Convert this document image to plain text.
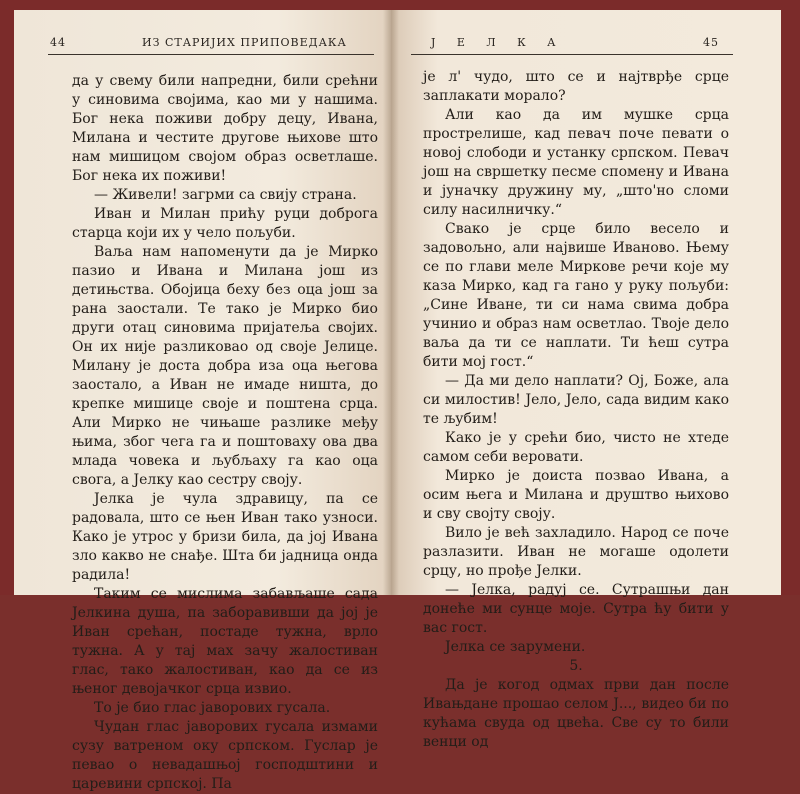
44	ИЗ СТАРИЈИХ ПРИПОВЕДАКА

да у свему били напредни, били срећни у синовима својима, као ми у нашима. Бог нека поживи добру децу, Ивана, Милана и честите другове њихове што нам мишицом својом образ осветлаше. Бог нека их поживи!

— Живели! загрми са свију страна.

Иван и Милан прићу руци доброга старца који их у чело пољуби.

Ваља нам напоменути да је Мирко пазио и Ивана и Милана још из детињства. Обојица беху без оца још за рана заостали. Те тако је Мирко био други отац синовима пријатеља својих. Он их није разликовао од своје Јелице. Милану је доста добра иза оца његова заостало, а Иван не имаде ништа, до крепке мишице своје и поштена срца. Али Мирко не чињаше разлике међу њима, због чега га и поштоваху ова два млада човека и љубљаху га као оца свога, а Јелку као сестру своју.

Јелка је чула здравицу, па се радовала, што се њен Иван тако узноси. Како је утрос у бризи била, да јој Ивана зло какво не снађе. Шта би јадница онда радила!

Таким се мислима забављаше сада Јелкина душа, па заборавивши да јој је Иван срећан, постаде тужна, врло тужна. А у тај мах зачу жалостиван глас, тако жалостиван, као да се из њеног девојачког срца извио.

То је био глас јаворових гусала.

Чудан глас јаворових гусала измами сузу ватреном оку српском. Гуслар је певао о невадашњој господштини и царевини српској. Па

Ј Е Л К А	45

је л' чудо, што се и најтврђе срце заплакати морало?

Али као да им мушке срца прострелише, кад певач поче певати о новој слободи и устанку српском. Певач још на свршетку песме спомену и Ивана и јуначку дружину му, „што'но сломи силу насилничку.“

Свако је срце било весело и задовољно, али највише Иваново. Њему се по глави меле Миркове речи које му каза Мирко, кад га гано у руку пољуби: „Сине Иване, ти си нама свима добра учинио и образ нам осветлао. Твоје дело ваља да ти се наплати. Ти ћеш сутра бити мој гост.“

— Да ми дело наплати? Ој, Боже, ала си милостив! Јело, Јело, сада видим како те љубим!

Како је у срећи био, чисто не хтеде самом себи веровати.

Мирко је доиста позвао Ивана, а осим њега и Милана и друштво њихово и сву својту своју.

Вило је већ захладило. Народ се поче разлазити. Иван не могаше одолети срцу, но прође Јелки.

— Јелка, радуј се. Сутрашњи дан донеће ми сунце моје. Сутра ћу бити у вас гост.

Јелка се зарумени.

5.

Да је когод одмах први дан после Ивањдане прошао селом Ј..., видео би по кућама свуда од цвећа. Све су то били венци од
